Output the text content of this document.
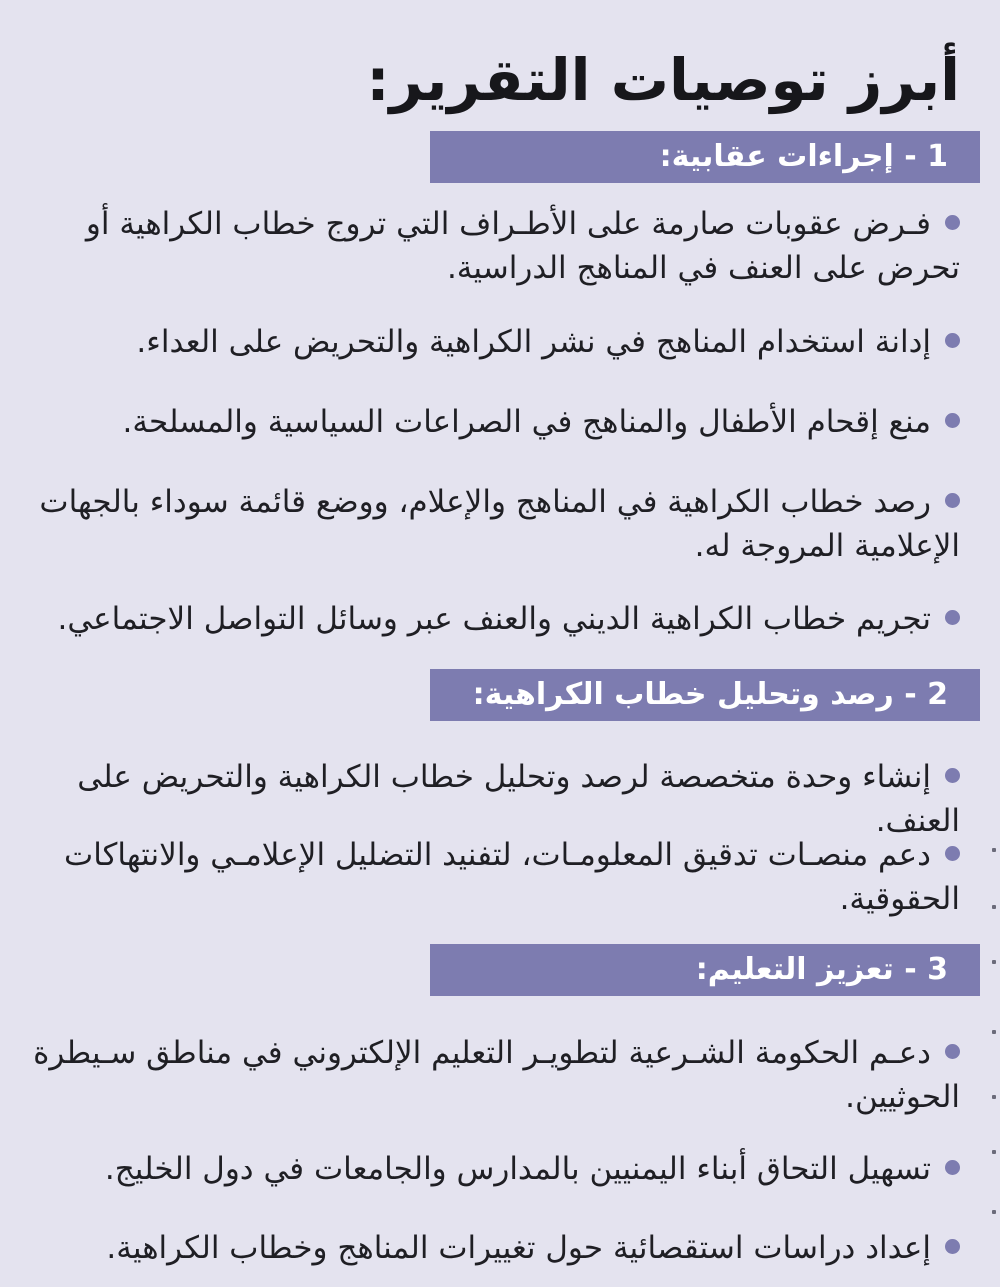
أبرز توصيات التقرير:
1 - إجراءات عقابية:
فـرض عقوبات صارمة على الأطـراف التي تروج خطاب الكراهية أو تحرض على العنف في المناهج الدراسية.
إدانة استخدام المناهج في نشر الكراهية والتحريض على العداء.
منع إقحام الأطفال والمناهج في الصراعات السياسية والمسلحة.
رصد خطاب الكراهية في المناهج والإعلام، ووضع قائمة سوداء بالجهات الإعلامية المروجة له.
تجريم خطاب الكراهية الديني والعنف عبر وسائل التواصل الاجتماعي.
2 - رصد وتحليل خطاب الكراهية:
إنشاء وحدة متخصصة لرصد وتحليل خطاب الكراهية والتحريض على العنف.
دعم منصـات تدقيق المعلومـات، لتفنيد التضليل الإعلامـي والانتهاكات الحقوقية.
3 - تعزيز التعليم:
دعـم الحكومة الشـرعية لتطويـر التعليم الإلكتروني في مناطق سـيطرة الحوثيين.
تسهيل التحاق أبناء اليمنيين بالمدارس والجامعات في دول الخليج.
إعداد دراسات استقصائية حول تغييرات المناهج وخطاب الكراهية.
